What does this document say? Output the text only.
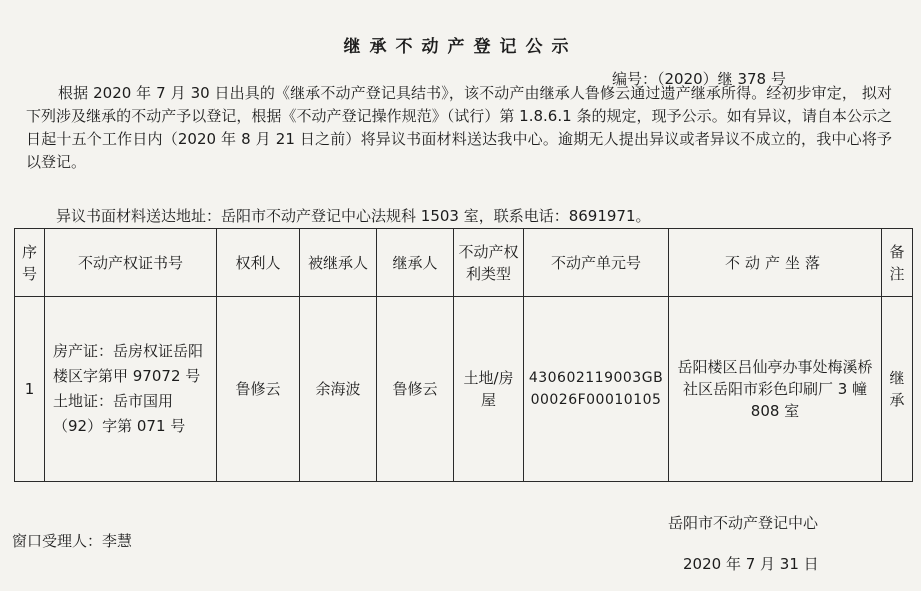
继承不动产登记公示
编号：（2020）继 378 号
根据 2020 年 7 月 30 日出具的《继承不动产登记具结书》，该不动产由继承人鲁修云通过遗产继承所得。经初步审定， 拟对下列涉及继承的不动产予以登记，根据《不动产登记操作规范》（试行）第 1.8.6.1 条的规定，现予公示。如有异议，请自本公示之日起十五个工作日内（2020 年 8 月 21 日之前）将异议书面材料送达我中心。逾期无人提出异议或者异议不成立的，我中心将予以登记。
异议书面材料送达地址：岳阳市不动产登记中心法规科 1503 室，联系电话：8691971。
序号	不动产权证书号	权利人	被继承人	继承人	不动产权利类型	不动产单元号	不动产坐落	备注
1	房产证：岳房权证岳阳楼区字第甲 97072 号土地证：岳市国用（92）字第 071 号	鲁修云	余海波	鲁修云	土地/房屋	430602119003GB00026F00010105	岳阳楼区吕仙亭办事处梅溪桥社区岳阳市彩色印刷厂 3 幢 808 室	继承
岳阳市不动产登记中心
窗口受理人：李慧
2020 年 7 月 31 日
